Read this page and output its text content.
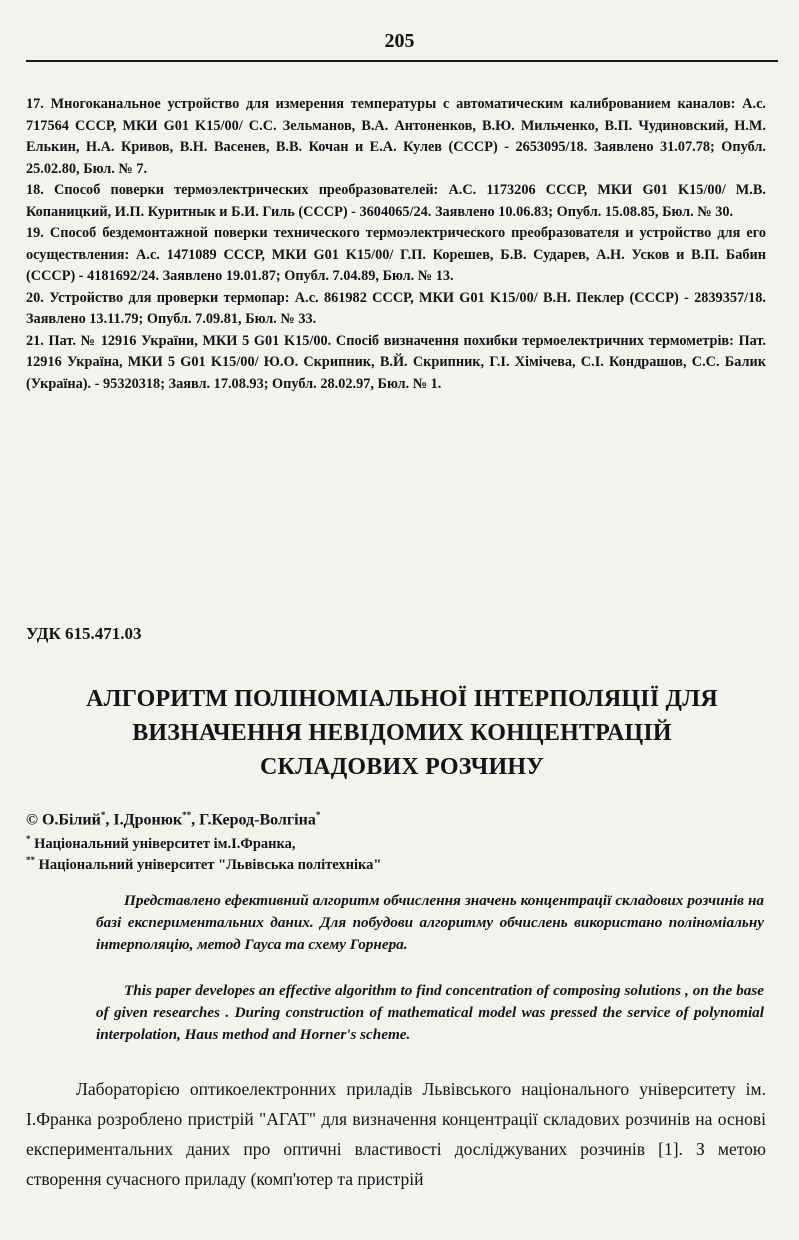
205

17. Многоканальное устройство для измерения температуры с автоматическим калиброванием каналов: А.с. 717564 СССР, МКИ G01 K15/00/ С.С. Зельманов, В.А. Антоненков, В.Ю. Мильченко, В.П. Чудиновский, Н.М. Елькин, Н.А. Кривов, В.Н. Васенев, В.В. Кочан и Е.А. Кулев (СССР) - 2653095/18. Заявлено 31.07.78; Опубл. 25.02.80, Бюл. № 7.

18. Способ поверки термоэлектрических преобразователей: А.С. 1173206 СССР, МКИ G01 K15/00/ М.В. Копаницкий, И.П. Куритнык и Б.И. Гиль (СССР) - 3604065/24. Заявлено 10.06.83; Опубл. 15.08.85, Бюл. № 30.

19. Способ бездемонтажной поверки технического термоэлектрического преобразователя и устройство для его осуществления: А.с. 1471089 СССР, МКИ G01 K15/00/ Г.П. Корешев, Б.В. Сударев, А.Н. Усков и В.П. Бабин (СССР) - 4181692/24. Заявлено 19.01.87; Опубл. 7.04.89, Бюл. № 13.

20. Устройство для проверки термопар: А.с. 861982 СССР, МКИ G01 K15/00/ В.Н. Пеклер (СССР) - 2839357/18. Заявлено 13.11.79; Опубл. 7.09.81, Бюл. № 33.

21. Пат. № 12916 України, МКИ 5 G01 K15/00. Спосіб визначення похибки термоелектричних термометрів: Пат. 12916 Україна, МКИ 5 G01 K15/00/ Ю.О. Скрипник, В.Й. Скрипник, Г.І. Хімічева, С.І. Кондрашов, С.С. Балик (Україна). - 95320318; Заявл. 17.08.93; Опубл. 28.02.97, Бюл. № 1.

УДК 615.471.03
АЛГОРИТМ ПОЛІНОМІАЛЬНОЇ ІНТЕРПОЛЯЦІЇ ДЛЯ
ВИЗНАЧЕННЯ НЕВІДОМИХ КОНЦЕНТРАЦІЙ
СКЛАДОВИХ РОЗЧИНУ
© О.Білий*, І.Дронюк**, Г.Керод-Волгіна*
* Національний університет ім.І.Франка,
** Національний університет "Львівська політехніка"

Представлено ефективний алгоритм обчислення значень концентрації складових розчинів на базі експериментальних даних. Для побудови алгоритму обчислень використано поліноміальну інтерполяцію, метод Гауса та схему Горнера.

This paper developes an effective algorithm to find concentration of composing solutions , on the base of given researches . During construction of mathematical model was pressed the service of polynomial interpolation, Haus method and Horner's scheme.

Лабораторією оптикоелектронних приладів Львівського національного університету ім. І.Франка розроблено пристрій "АГАТ" для визначення концентрації складових розчинів на основі експериментальних даних про оптичні властивості досліджуваних розчинів [1]. З метою створення сучасного приладу (комп'ютер та пристрій
